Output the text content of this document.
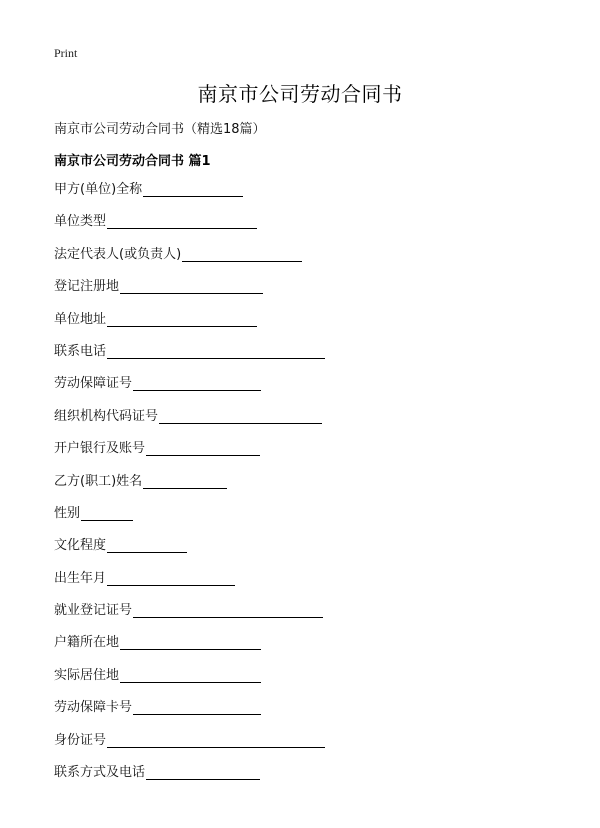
Print
南京市公司劳动合同书
南京市公司劳动合同书（精选18篇）
南京市公司劳动合同书 篇1
甲方(单位)全称
单位类型
法定代表人(或负责人)
登记注册地
单位地址
联系电话
劳动保障证号
组织机构代码证号
开户银行及账号
乙方(职工)姓名
性别
文化程度
出生年月
就业登记证号
户籍所在地
实际居住地
劳动保障卡号
身份证号
联系方式及电话
